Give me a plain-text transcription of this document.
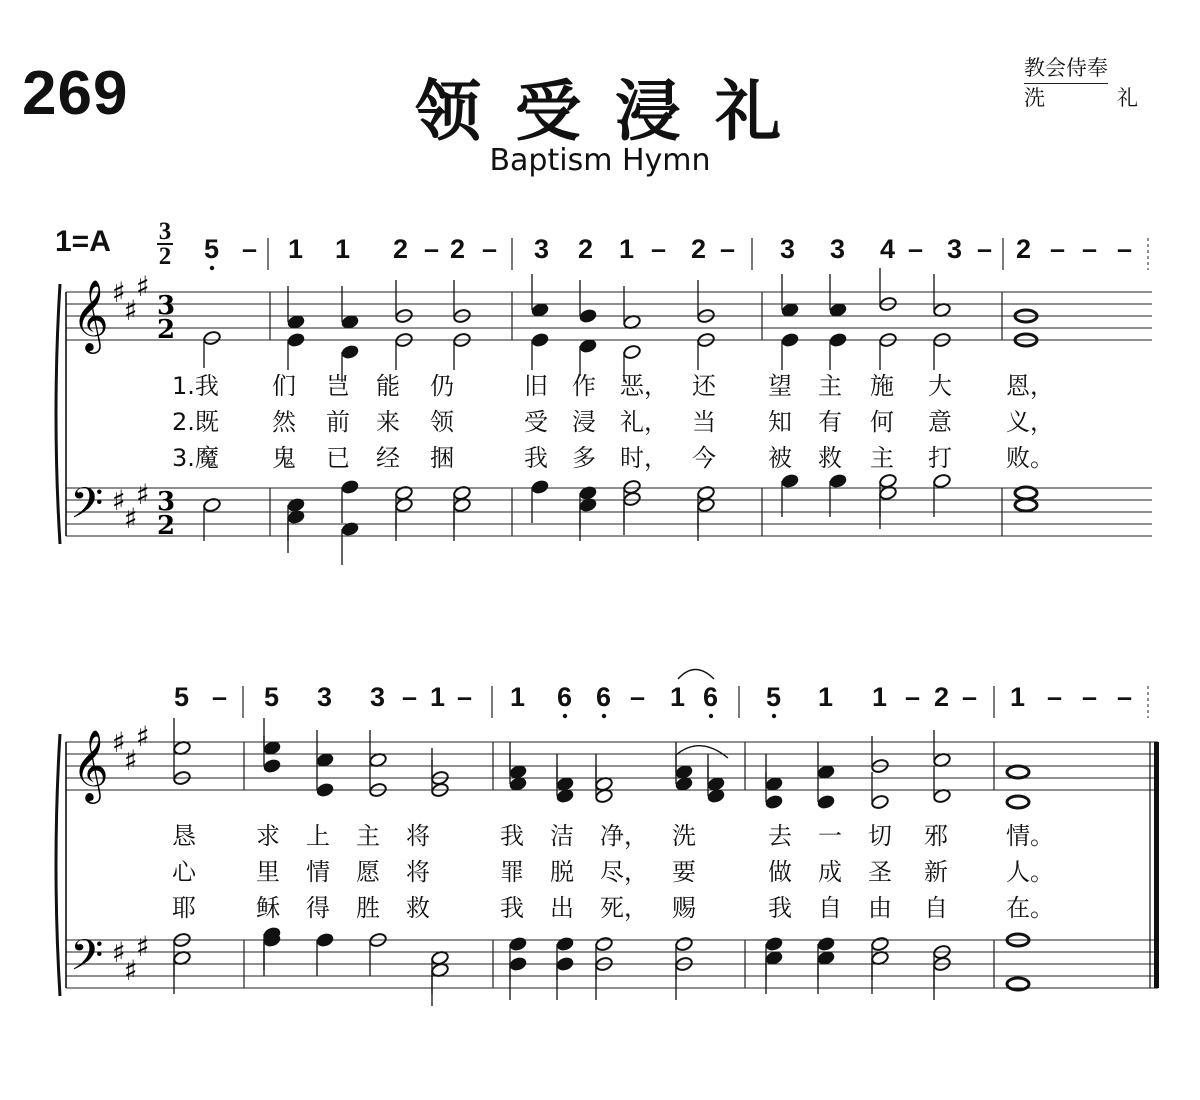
269	领受浸礼
Baptism Hymn
教会侍奉
洗	礼
1=A 3
2
𝄞
𝄢
♯
♯
♯
♯
♯
♯
3
2
3
2
𝄞
𝄢
♯
♯
♯
♯
♯
♯
5 – 1 1 2 – 2 – 3 2 1 – 2 – 3 3 4 – 3 – 2 – – –
5 – 5 3 3 – 1 – 1 6 6 – 1 6 5 1 1 – 2 – 1 – – –
1.我 们 岂 能 仍	旧 作 恶， 还 望 主 施 大 恩，
2.既 然 前 来 领	受 浸 礼， 当 知 有 何 意 义，
3.魔 鬼 已 经 捆	我 多 时， 今 被 救 主 打 败。
恳	求 上 主 将	我 洁 净， 洗	去 一 切 邪 情。
心	里 情 愿 将	罪 脱 尽， 要	做 成 圣 新 人。
耶	稣 得 胜 救	我 出 死， 赐	我 自 由 自 在。
